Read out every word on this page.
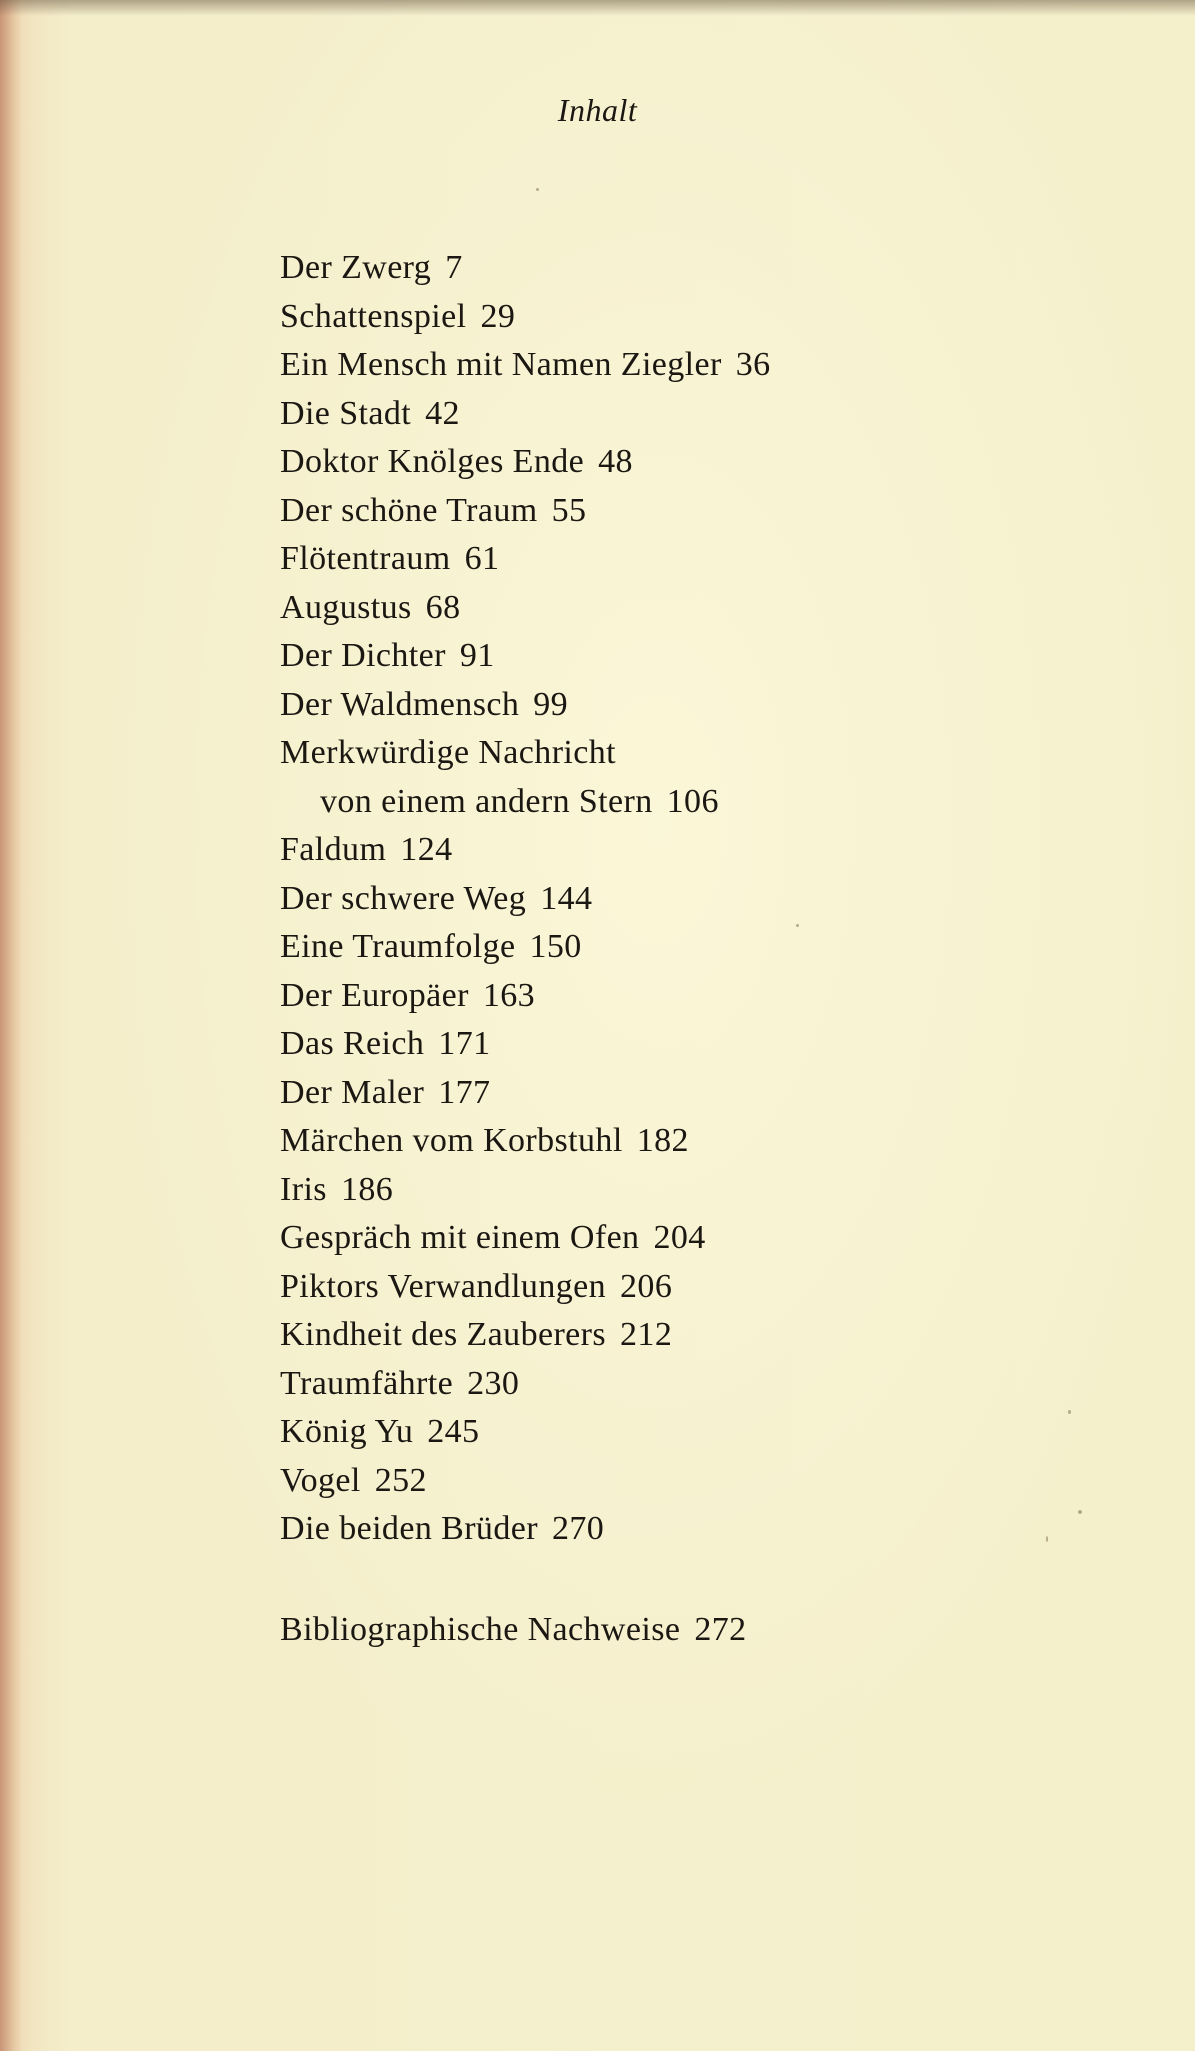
Inhalt
Der Zwerg 7
Schattenspiel 29
Ein Mensch mit Namen Ziegler 36
Die Stadt 42
Doktor Knölges Ende 48
Der schöne Traum 55
Flötentraum 61
Augustus 68
Der Dichter 91
Der Waldmensch 99
Merkwürdige Nachricht
von einem andern Stern 106
Faldum 124
Der schwere Weg 144
Eine Traumfolge 150
Der Europäer 163
Das Reich 171
Der Maler 177
Märchen vom Korbstuhl 182
Iris 186
Gespräch mit einem Ofen 204
Piktors Verwandlungen 206
Kindheit des Zauberers 212
Traumfährte 230
König Yu 245
Vogel 252
Die beiden Brüder 270
Bibliographische Nachweise 272
